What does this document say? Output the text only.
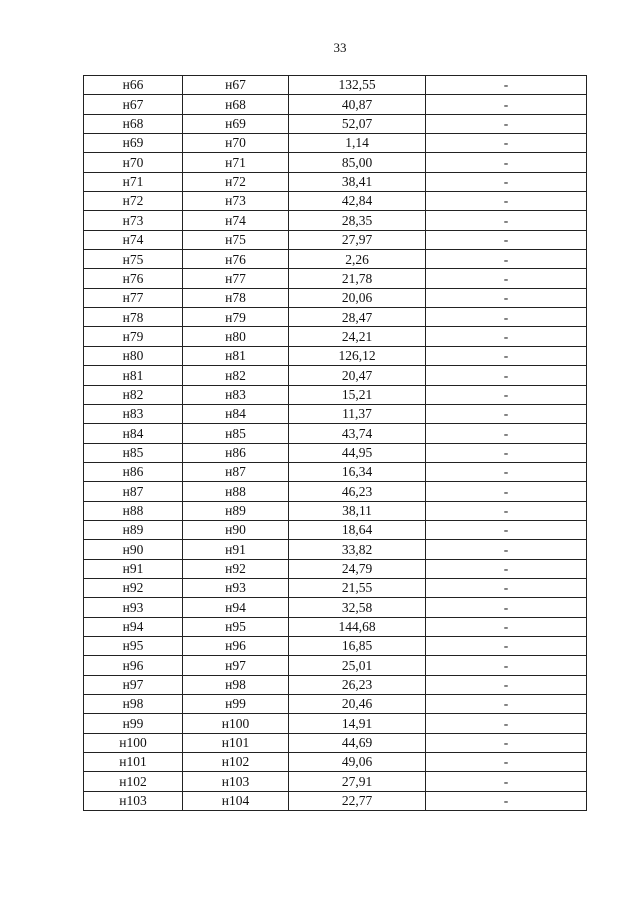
33
н66	н67	132,55	-
н67	н68	40,87	-
н68	н69	52,07	-
н69	н70	1,14	-
н70	н71	85,00	-
н71	н72	38,41	-
н72	н73	42,84	-
н73	н74	28,35	-
н74	н75	27,97	-
н75	н76	2,26	-
н76	н77	21,78	-
н77	н78	20,06	-
н78	н79	28,47	-
н79	н80	24,21	-
н80	н81	126,12	-
н81	н82	20,47	-
н82	н83	15,21	-
н83	н84	11,37	-
н84	н85	43,74	-
н85	н86	44,95	-
н86	н87	16,34	-
н87	н88	46,23	-
н88	н89	38,11	-
н89	н90	18,64	-
н90	н91	33,82	-
н91	н92	24,79	-
н92	н93	21,55	-
н93	н94	32,58	-
н94	н95	144,68	-
н95	н96	16,85	-
н96	н97	25,01	-
н97	н98	26,23	-
н98	н99	20,46	-
н99	н100	14,91	-
н100	н101	44,69	-
н101	н102	49,06	-
н102	н103	27,91	-
н103	н104	22,77	-
